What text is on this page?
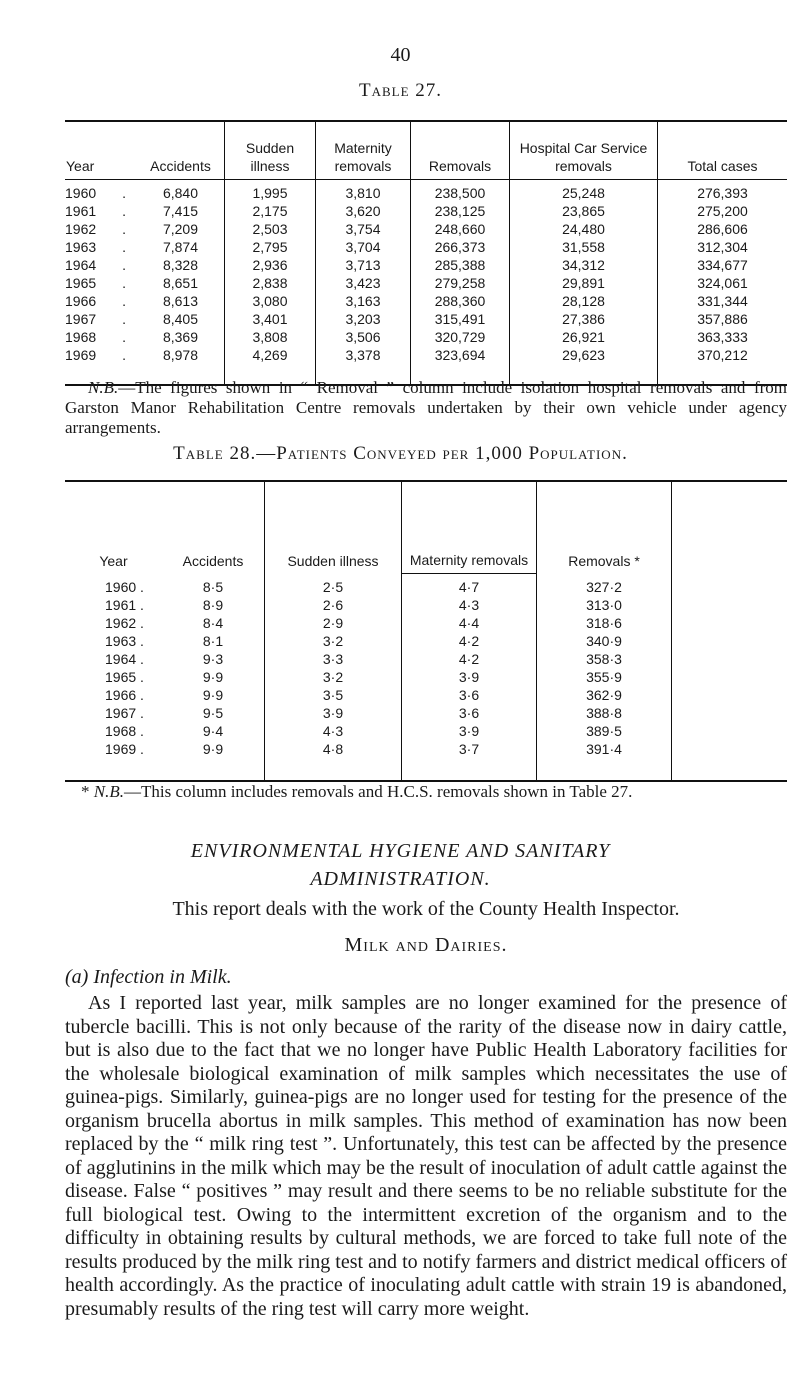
40
Table 27.
Year	Accidents	Sudden illness	Maternity removals	Removals	Hospital Car Service removals	Total cases
1960 .	6,840	1,995	3,810	238,500	25,248	276,393
1961 .	7,415	2,175	3,620	238,125	23,865	275,200
1962 .	7,209	2,503	3,754	248,660	24,480	286,606
1963 .	7,874	2,795	3,704	266,373	31,558	312,304
1964 .	8,328	2,936	3,713	285,388	34,312	334,677
1965 .	8,651	2,838	3,423	279,258	29,891	324,061
1966 .	8,613	3,080	3,163	288,360	28,128	331,344
1967 .	8,405	3,401	3,203	315,491	27,386	357,886
1968 .	8,369	3,808	3,506	320,729	26,921	363,333
1969 .	8,978	4,269	3,378	323,694	29,623	370,212
N.B.—The figures shown in “ Removal ” column include isolation hospital removals and from Garston Manor Rehabilitation Centre removals undertaken by their own vehicle under agency arrangements.
Table 28.—Patients Conveyed per 1,000 Population.
Year	Accidents	Sudden illness	Maternity removals	Removals *	
1960 .	8·5	2·5	4·7	327·2	
1961 .	8·9	2·6	4·3	313·0	
1962 .	8·4	2·9	4·4	318·6	
1963 .	8·1	3·2	4·2	340·9	
1964 .	9·3	3·3	4·2	358·3	
1965 .	9·9	3·2	3·9	355·9	
1966 .	9·9	3·5	3·6	362·9	
1967 .	9·5	3·9	3·6	388·8	
1968 .	9·4	4·3	3·9	389·5	
1969 .	9·9	4·8	3·7	391·4	
* N.B.—This column includes removals and H.C.S. removals shown in Table 27.
ENVIRONMENTAL HYGIENE AND SANITARY
ADMINISTRATION.
This report deals with the work of the County Health Inspector.
Milk and Dairies.
(a) Infection in Milk.
As I reported last year, milk samples are no longer examined for the presence of tubercle bacilli. This is not only because of the rarity of the disease now in dairy cattle, but is also due to the fact that we no longer have Public Health Laboratory facilities for the wholesale biological examination of milk samples which necessitates the use of guinea-pigs. Similarly, guinea-pigs are no longer used for testing for the presence of the organism brucella abortus in milk samples. This method of examination has now been replaced by the “ milk ring test ”. Unfortunately, this test can be affected by the presence of agglutinins in the milk which may be the result of inoculation of adult cattle against the disease. False “ positives ” may result and there seems to be no reliable substitute for the full biological test. Owing to the intermittent excretion of the organism and to the difficulty in obtaining results by cultural methods, we are forced to take full note of the results produced by the milk ring test and to notify farmers and district medical officers of health accordingly. As the practice of inoculating adult cattle with strain 19 is abandoned, presumably results of the ring test will carry more weight.
